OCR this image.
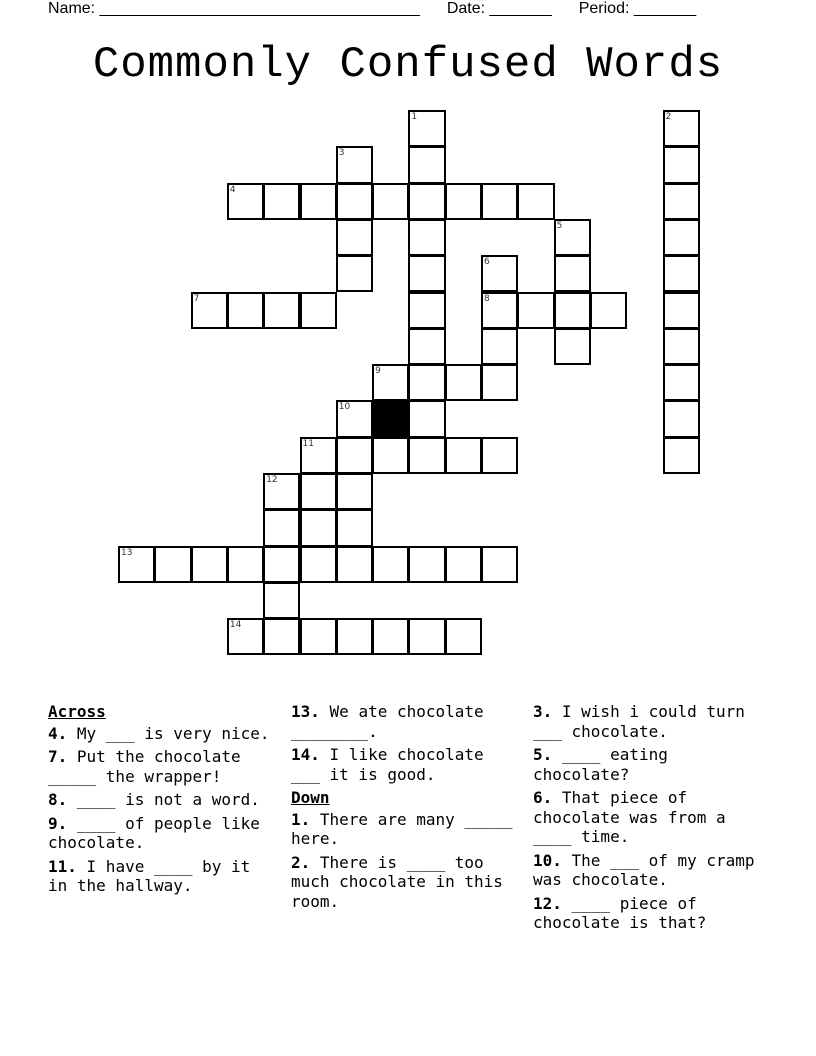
Name: ____________________________________ Date: _______ Period: _______
Commonly Confused Words
1	2
3
4
5
6
7	8
9
10
11
12
13
14
Across
4. My ___ is very nice.
7. Put the chocolate _____ the wrapper!
8. ____ is not a word.
9. ____ of people like chocolate.
11. I have ____ by it in the hallway.
13. We ate chocolate ________.
14. I like chocolate ___ it is good.
Down
1. There are many _____ here.
2. There is ____ too much chocolate in this room.
3. I wish i could turn ___ chocolate.
5. ____ eating chocolate?
6. That piece of chocolate was from a ____ time.
10. The ___ of my cramp was chocolate.
12. ____ piece of chocolate is that?
